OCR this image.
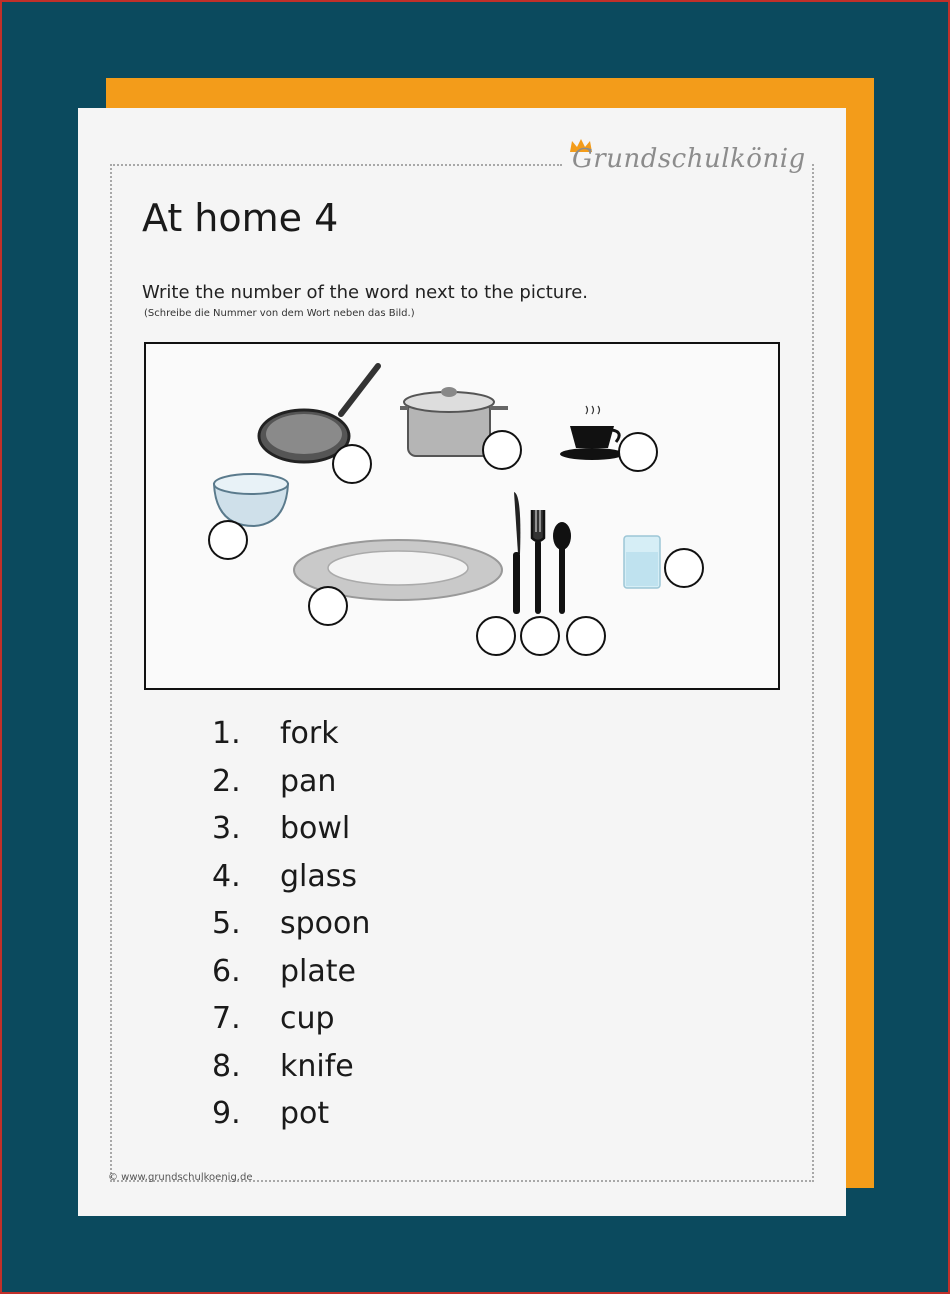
Grundschulkönig
At home 4
Write the number of the word next to the picture.
(Schreibe die Nummer von dem Wort neben das Bild.)
1.	fork
2.	pan
3.	bowl
4.	glass
5.	spoon
6.	plate
7.	cup
8.	knife
9.	pot
© www.grundschulkoenig.de
